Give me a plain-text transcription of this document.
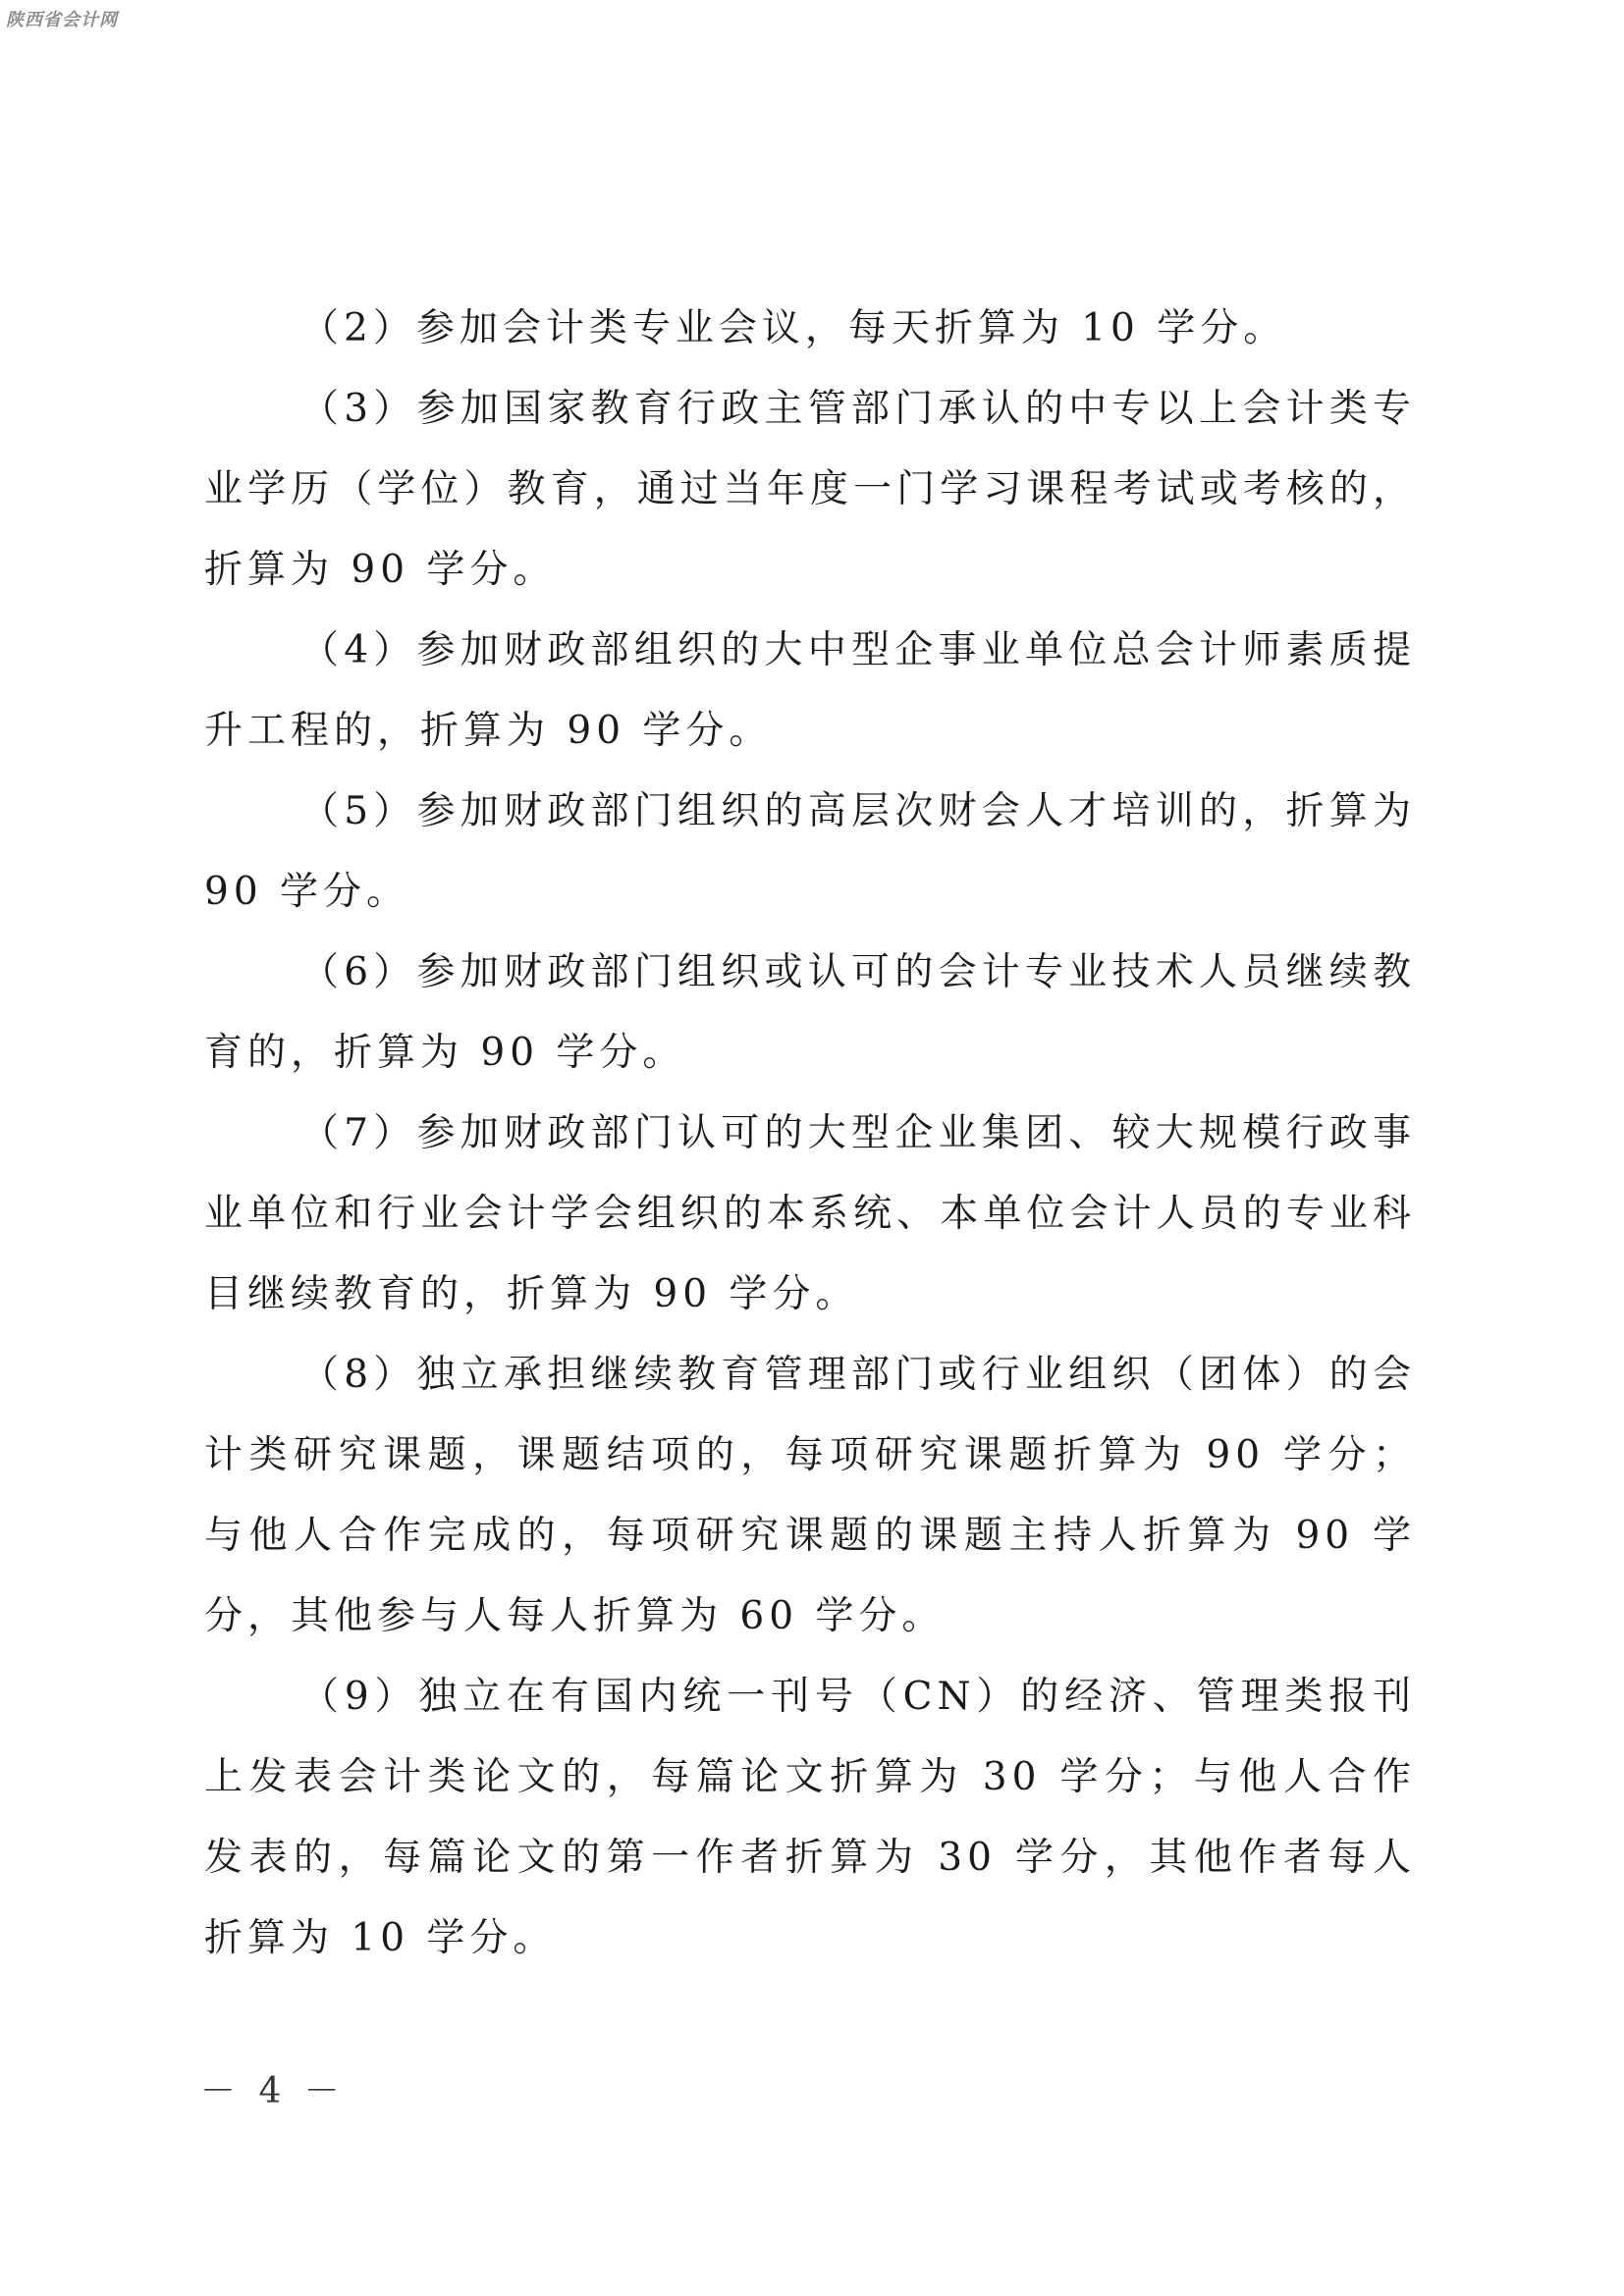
陕西省会计网

（2）参加会计类专业会议，每天折算为 10 学分。

（3）参加国家教育行政主管部门承认的中专以上会计类专业学历（学位）教育，通过当年度一门学习课程考试或考核的，折算为 90 学分。

（4）参加财政部组织的大中型企事业单位总会计师素质提升工程的，折算为 90 学分。

（5）参加财政部门组织的高层次财会人才培训的，折算为 90 学分。

（6）参加财政部门组织或认可的会计专业技术人员继续教育的，折算为 90 学分。

（7）参加财政部门认可的大型企业集团、较大规模行政事业单位和行业会计学会组织的本系统、本单位会计人员的专业科目继续教育的，折算为 90 学分。

（8）独立承担继续教育管理部门或行业组织（团体）的会计类研究课题，课题结项的，每项研究课题折算为 90 学分；与他人合作完成的，每项研究课题的课题主持人折算为 90 学分，其他参与人每人折算为 60 学分。

（9）独立在有国内统一刊号（CN）的经济、管理类报刊上发表会计类论文的，每篇论文折算为 30 学分；与他人合作发表的，每篇论文的第一作者折算为 30 学分，其他作者每人折算为 10 学分。

－ 4 －
